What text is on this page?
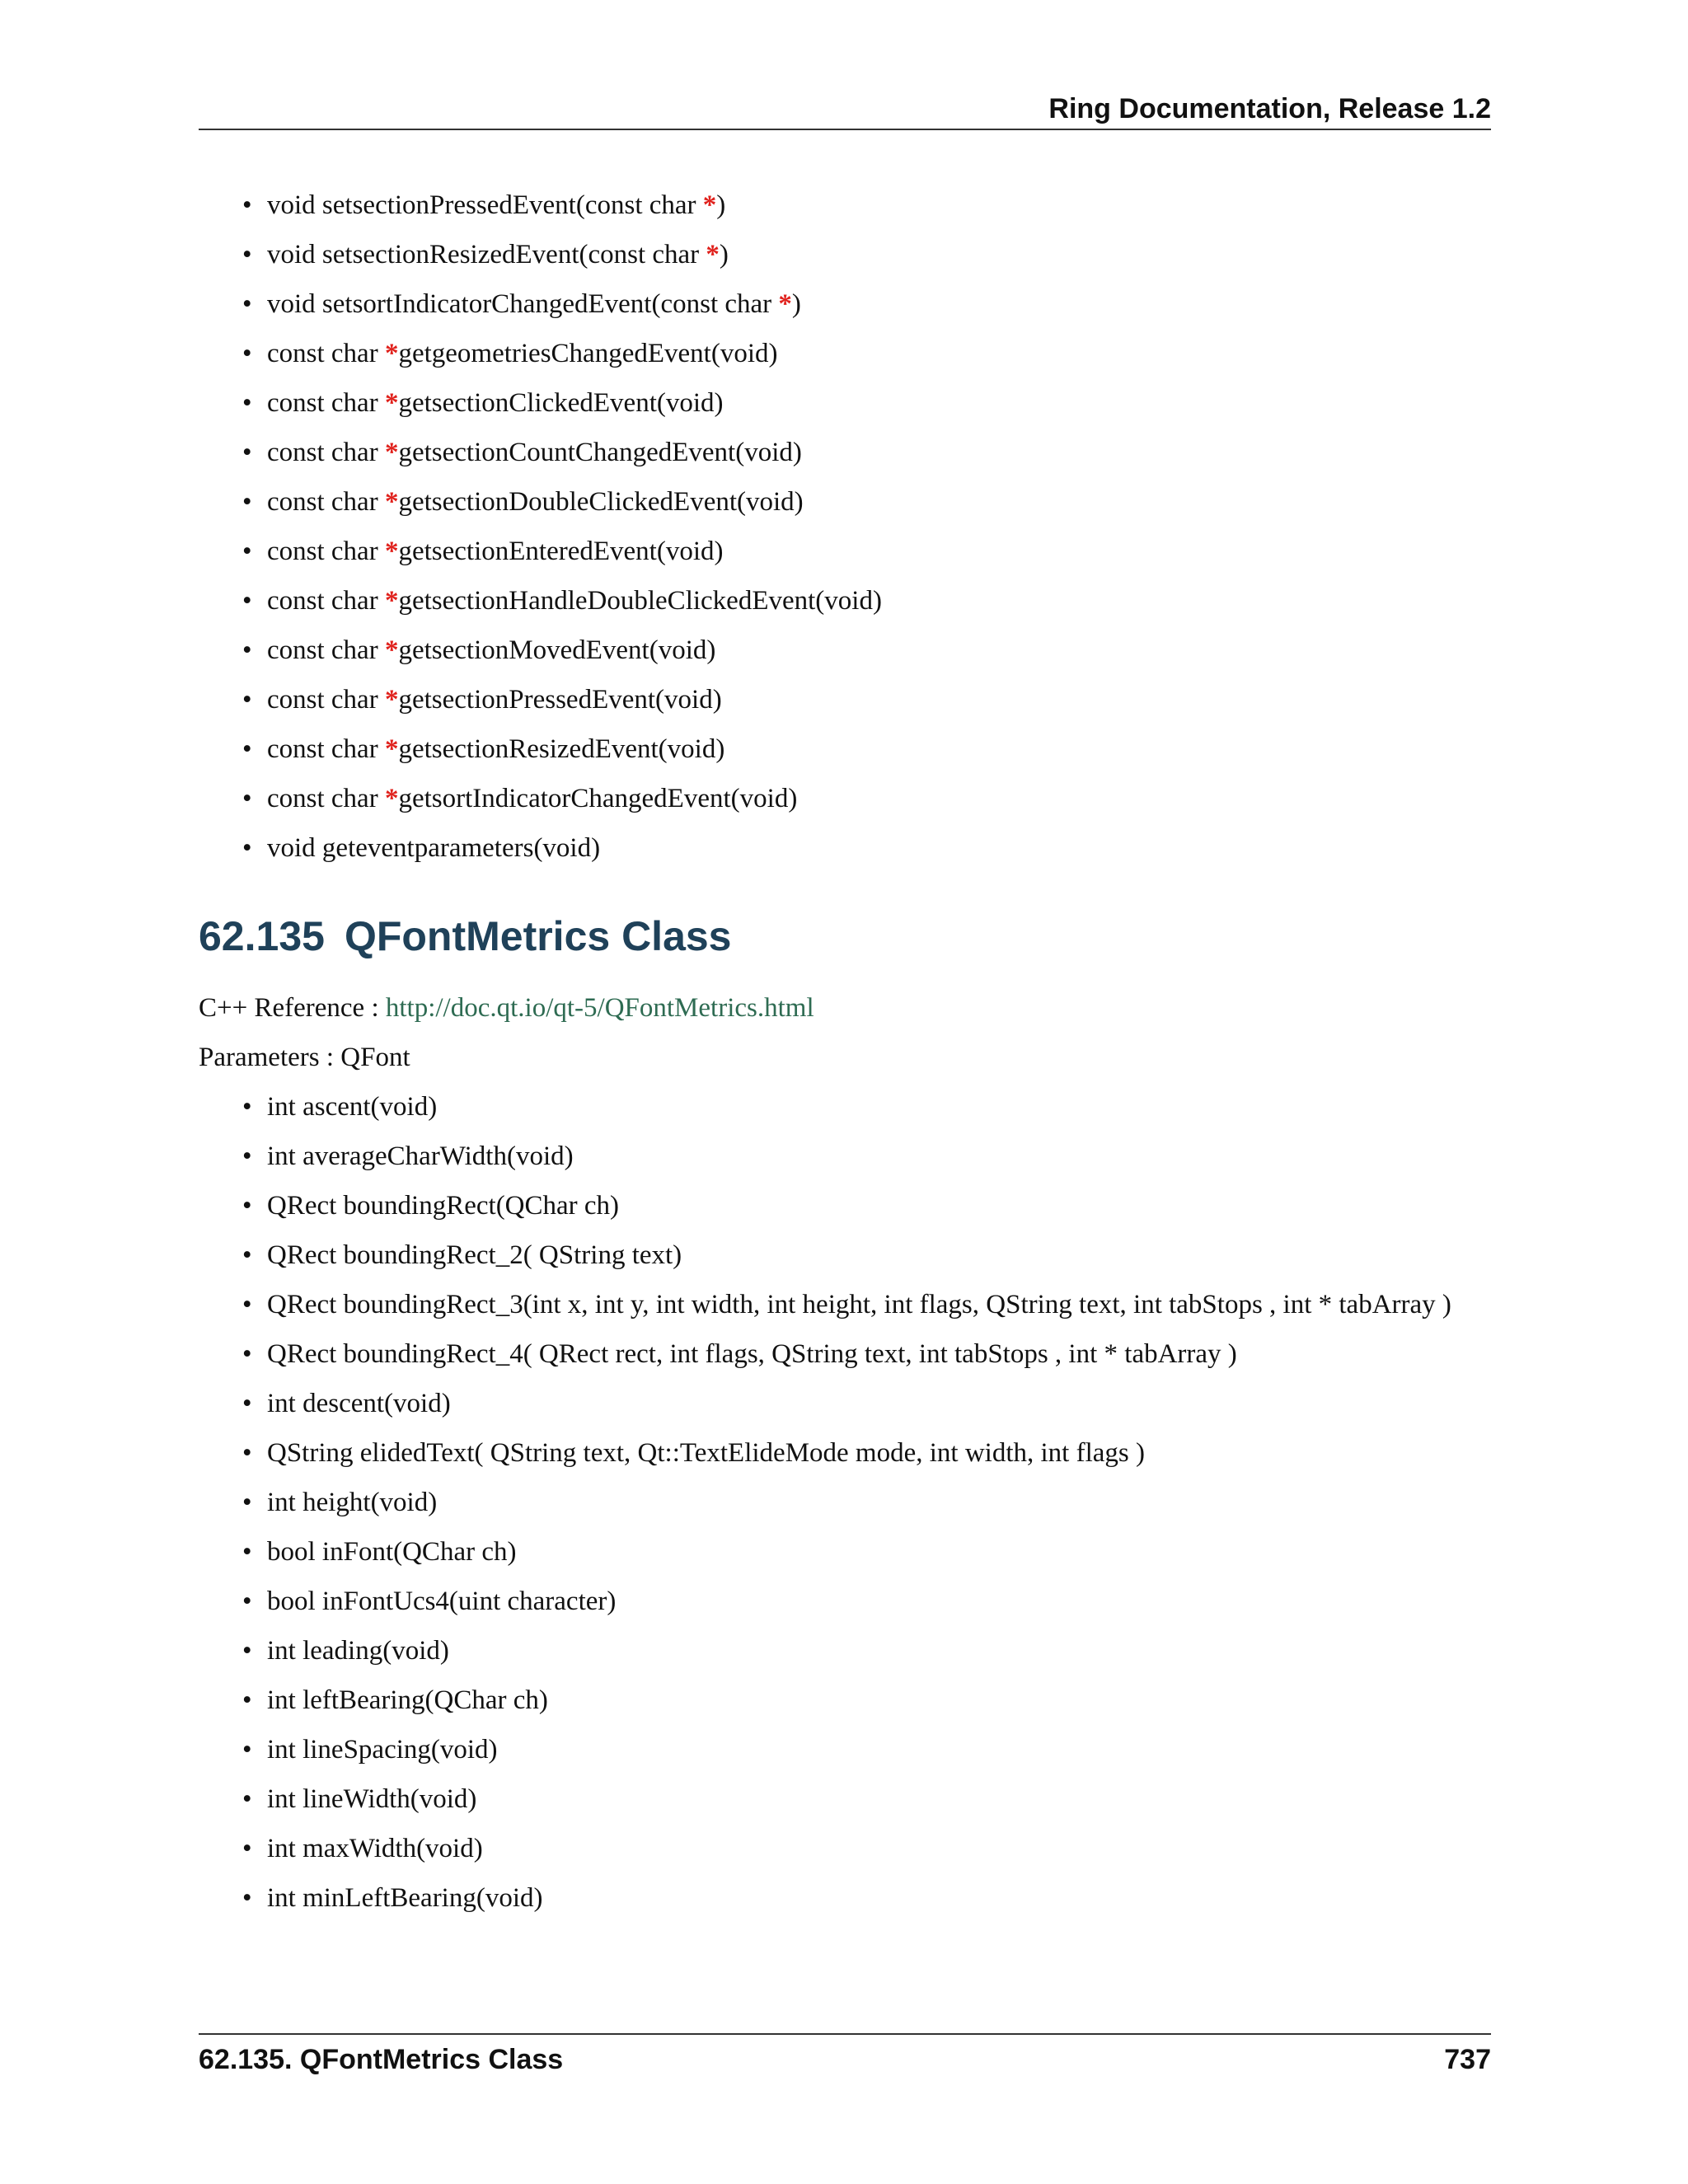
Ring Documentation, Release 1.2
• void setsectionPressedEvent(const char *)
• void setsectionResizedEvent(const char *)
• void setsortIndicatorChangedEvent(const char *)
• const char *getgeometriesChangedEvent(void)
• const char *getsectionClickedEvent(void)
• const char *getsectionCountChangedEvent(void)
• const char *getsectionDoubleClickedEvent(void)
• const char *getsectionEnteredEvent(void)
• const char *getsectionHandleDoubleClickedEvent(void)
• const char *getsectionMovedEvent(void)
• const char *getsectionPressedEvent(void)
• const char *getsectionResizedEvent(void)
• const char *getsortIndicatorChangedEvent(void)
• void geteventparameters(void)
62.135 QFontMetrics Class

C++ Reference : http://doc.qt.io/qt-5/QFontMetrics.html

Parameters : QFont

• int ascent(void)
• int averageCharWidth(void)
• QRect boundingRect(QChar ch)
• QRect boundingRect_2( QString text)
• QRect boundingRect_3(int x, int y, int width, int height, int flags, QString text, int tabStops , int * tabArray )
• QRect boundingRect_4( QRect rect, int flags, QString text, int tabStops , int * tabArray )
• int descent(void)
• QString elidedText( QString text, Qt::TextElideMode mode, int width, int flags )
• int height(void)
• bool inFont(QChar ch)
• bool inFontUcs4(uint character)
• int leading(void)
• int leftBearing(QChar ch)
• int lineSpacing(void)
• int lineWidth(void)
• int maxWidth(void)
• int minLeftBearing(void)
62.135. QFontMetrics Class	737
